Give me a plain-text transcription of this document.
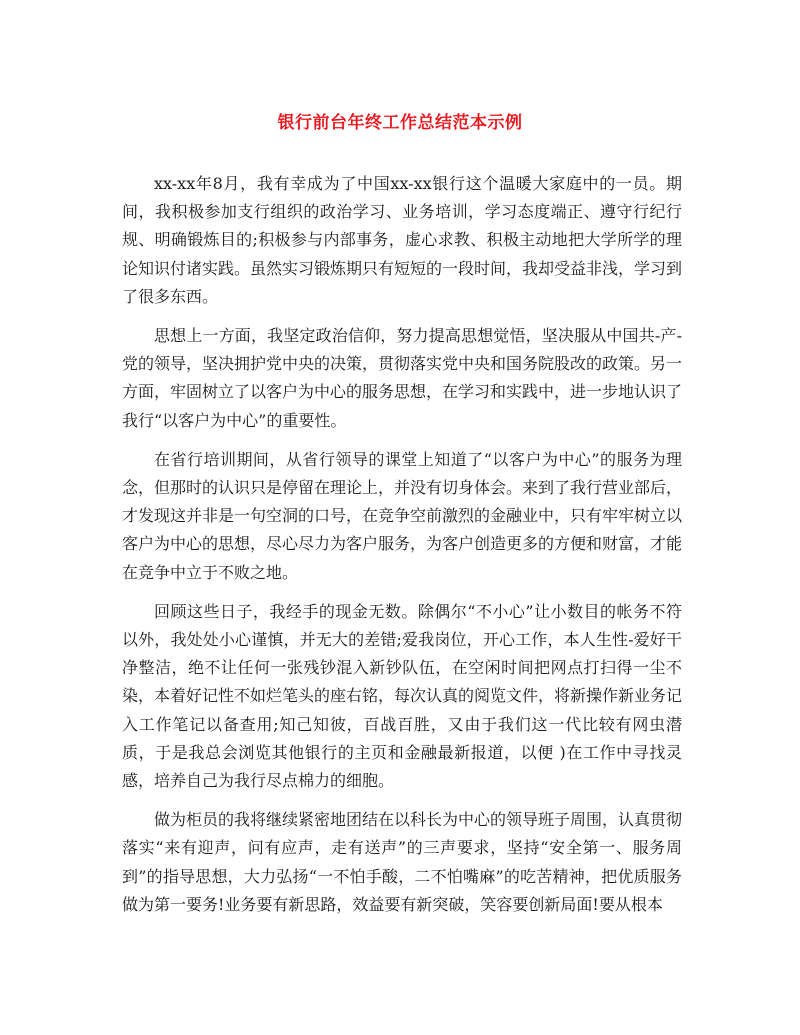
银行前台年终工作总结范本示例

xx-xx年8月，我有幸成为了中国xx-xx银行这个温暖大家庭中的一员。期间，我积极参加支行组织的政治学习、业务培训，学习态度端正、遵守行纪行规、明确锻炼目的;积极参与内部事务，虚心求教、积极主动地把大学所学的理论知识付诸实践。虽然实习锻炼期只有短短的一段时间，我却受益非浅，学习到了很多东西。

思想上一方面，我坚定政治信仰，努力提高思想觉悟，坚决服从中国共-产-党的领导，坚决拥护党中央的决策，贯彻落实党中央和国务院股改的政策。另一方面，牢固树立了以客户为中心的服务思想，在学习和实践中，进一步地认识了我行“以客户为中心”的重要性。

在省行培训期间，从省行领导的课堂上知道了“以客户为中心”的服务为理念，但那时的认识只是停留在理论上，并没有切身体会。来到了我行营业部后，才发现这并非是一句空洞的口号，在竞争空前激烈的金融业中，只有牢牢树立以客户为中心的思想，尽心尽力为客户服务，为客户创造更多的方便和财富，才能在竞争中立于不败之地。

回顾这些日子，我经手的现金无数。除偶尔“不小心”让小数目的帐务不符以外，我处处小心谨慎，并无大的差错;爱我岗位，开心工作，本人生性-爱好干净整洁，绝不让任何一张残钞混入新钞队伍，在空闲时间把网点打扫得一尘不染，本着好记性不如烂笔头的座右铭，每次认真的阅览文件，将新操作新业务记入工作笔记以备查用;知己知彼，百战百胜，又由于我们这一代比较有网虫潜质，于是我总会浏览其他银行的主页和金融最新报道，以便 )在工作中寻找灵感，培养自己为我行尽点棉力的细胞。

做为柜员的我将继续紧密地团结在以科长为中心的领导班子周围，认真贯彻落实“来有迎声，问有应声，走有送声”的三声要求，坚持“安全第一、服务周到”的指导思想，大力弘扬“一不怕手酸，二不怕嘴麻”的吃苦精神，把优质服务做为第一要务!业务要有新思路，效益要有新突破，笑容要创新局面!要从根本
